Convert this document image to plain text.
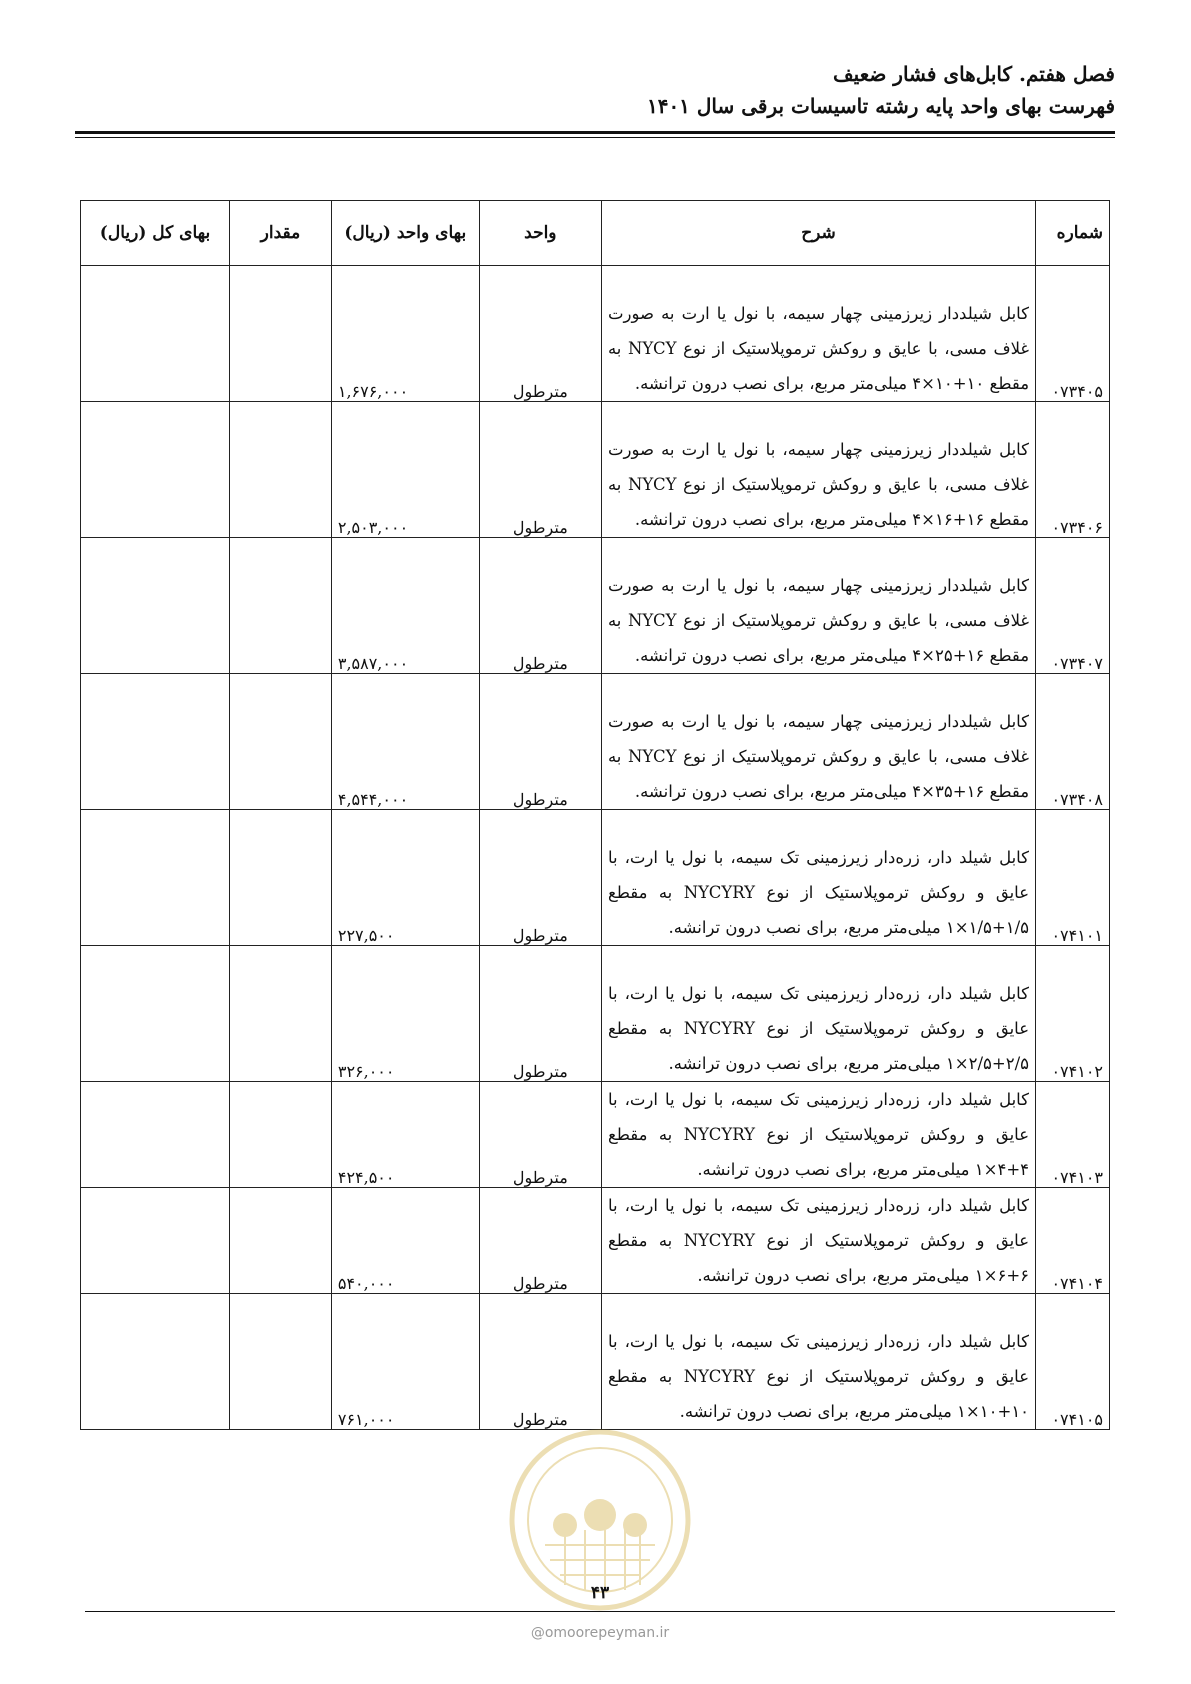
فصل هفتم. کابل‌های فشار ضعیف
فهرست بهای واحد پایه رشته تاسیسات برقی سال ۱۴۰۱
شماره	شرح	واحد	بهای واحد (ریال)	مقدار	بهای کل (ریال)
۰۷۳۴۰۵	کابل شیلددار زیرزمینی چهار سیمه، با نول یا ارت به صورت غلاف مسی، با عایق و روکش ترموپلاستیک از نوع NYCY به مقطع ۱۰+۱۰×۴ میلی‌متر مربع، برای نصب درون ترانشه.	مترطول	۱,۶۷۶,۰۰۰		
۰۷۳۴۰۶	کابل شیلددار زیرزمینی چهار سیمه، با نول یا ارت به صورت غلاف مسی، با عایق و روکش ترموپلاستیک از نوع NYCY به مقطع ۱۶+۱۶×۴ میلی‌متر مربع، برای نصب درون ترانشه.	مترطول	۲,۵۰۳,۰۰۰		
۰۷۳۴۰۷	کابل شیلددار زیرزمینی چهار سیمه، با نول یا ارت به صورت غلاف مسی، با عایق و روکش ترموپلاستیک از نوع NYCY به مقطع ۱۶+۲۵×۴ میلی‌متر مربع، برای نصب درون ترانشه.	مترطول	۳,۵۸۷,۰۰۰		
۰۷۳۴۰۸	کابل شیلددار زیرزمینی چهار سیمه، با نول یا ارت به صورت غلاف مسی، با عایق و روکش ترموپلاستیک از نوع NYCY به مقطع ۱۶+۳۵×۴ میلی‌متر مربع، برای نصب درون ترانشه.	مترطول	۴,۵۴۴,۰۰۰		
۰۷۴۱۰۱	کابل شیلد دار، زره‌دار زیرزمینی تک سیمه، با نول یا ارت، با عایق و روکش ترموپلاستیک از نوع NYCYRY به مقطع ۱/۵+۱/۵×۱ میلی‌متر مربع، برای نصب درون ترانشه.	مترطول	۲۲۷,۵۰۰		
۰۷۴۱۰۲	کابل شیلد دار، زره‌دار زیرزمینی تک سیمه، با نول یا ارت، با عایق و روکش ترموپلاستیک از نوع NYCYRY به مقطع ۲/۵+۲/۵×۱ میلی‌متر مربع، برای نصب درون ترانشه.	مترطول	۳۲۶,۰۰۰		
۰۷۴۱۰۳	کابل شیلد دار، زره‌دار زیرزمینی تک سیمه، با نول یا ارت، با عایق و روکش ترموپلاستیک از نوع NYCYRY به مقطع ۴+۴×۱ میلی‌متر مربع، برای نصب درون ترانشه.	مترطول	۴۲۴,۵۰۰		
۰۷۴۱۰۴	کابل شیلد دار، زره‌دار زیرزمینی تک سیمه، با نول یا ارت، با عایق و روکش ترموپلاستیک از نوع NYCYRY به مقطع ۶+۶×۱ میلی‌متر مربع، برای نصب درون ترانشه.	مترطول	۵۴۰,۰۰۰		
۰۷۴۱۰۵	کابل شیلد دار، زره‌دار زیرزمینی تک سیمه، با نول یا ارت، با عایق و روکش ترموپلاستیک از نوع NYCYRY به مقطع ۱۰+۱۰×۱ میلی‌متر مربع، برای نصب درون ترانشه.	مترطول	۷۶۱,۰۰۰		
۴۳
@omoorepeyman.ir
